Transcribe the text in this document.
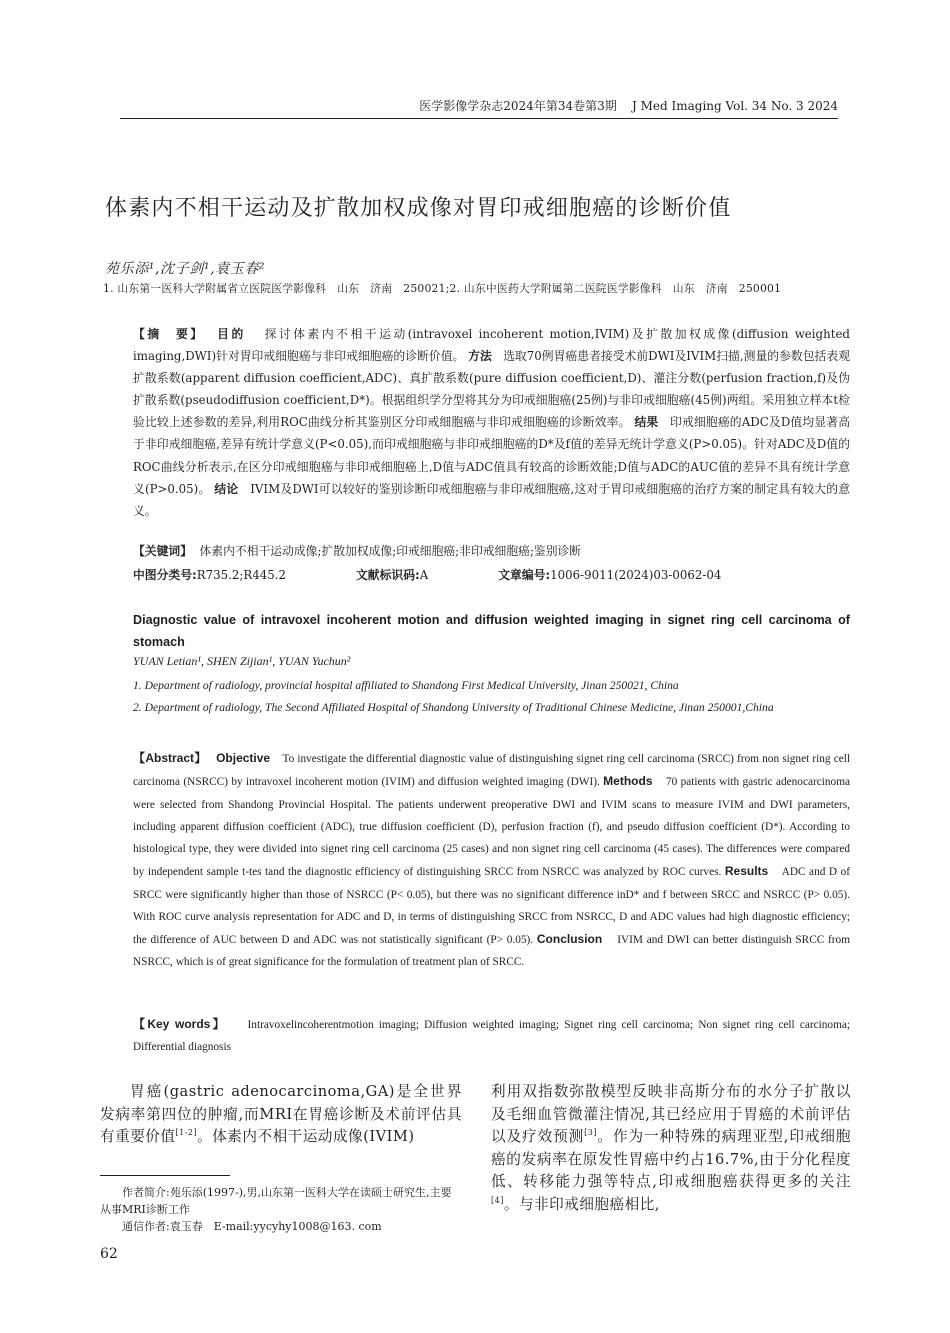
医学影像学杂志2024年第34卷第3期 J Med Imaging Vol. 34 No. 3 2024
体素内不相干运动及扩散加权成像对胃印戒细胞癌的诊断价值
苑乐添¹,沈子剑¹,袁玉春²
1. 山东第一医科大学附属省立医院医学影像科　山东　济南　250021;2. 山东中医药大学附属第二医院医学影像科　山东　济南　250001
【摘　要】 目的 探讨体素内不相干运动(intravoxel incoherent motion,IVIM)及扩散加权成像(diffusion weighted imaging,DWI)针对胃印戒细胞癌与非印戒细胞癌的诊断价值。 方法 选取70例胃癌患者接受术前DWI及IVIM扫描,测量的参数包括表观扩散系数(apparent diffusion coefficient,ADC)、真扩散系数(pure diffusion coefficient,D)、灌注分数(perfusion fraction,f)及伪扩散系数(pseudodiffusion coefficient,D*)。根据组织学分型将其分为印戒细胞癌(25例)与非印戒细胞癌(45例)两组。采用独立样本t检验比较上述参数的差异,利用ROC曲线分析其鉴别区分印戒细胞癌与非印戒细胞癌的诊断效率。 结果 印戒细胞癌的ADC及D值均显著高于非印戒细胞癌,差异有统计学意义(P<0.05),而印戒细胞癌与非印戒细胞癌的D*及f值的差异无统计学意义(P>0.05)。针对ADC及D值的ROC曲线分析表示,在区分印戒细胞癌与非印戒细胞癌上,D值与ADC值具有较高的诊断效能;D值与ADC的AUC值的差异不具有统计学意义(P>0.05)。 结论 IVIM及DWI可以较好的鉴别诊断印戒细胞癌与非印戒细胞癌,这对于胃印戒细胞癌的治疗方案的制定具有较大的意义。
【关键词】 体素内不相干运动成像;扩散加权成像;印戒细胞癌;非印戒细胞癌;鉴别诊断
中图分类号:R735.2;R445.2	文献标识码:A	文章编号:1006-9011(2024)03-0062-04
Diagnostic value of intravoxel incoherent motion and diffusion weighted imaging in signet ring cell carcinoma of stomach
YUAN Letian¹, SHEN Zijian¹, YUAN Yuchun²
1. Department of radiology, provincial hospital affiliated to Shandong First Medical University, Jinan 250021, China
2. Department of radiology, The Second Affiliated Hospital of Shandong University of Traditional Chinese Medicine, Jinan 250001,China
【Abstract】 Objective To investigate the differential diagnostic value of distinguishing signet ring cell carcinoma (SRCC) from non signet ring cell carcinoma (NSRCC) by intravoxel incoherent motion (IVIM) and diffusion weighted imaging (DWI). Methods 70 patients with gastric adenocarcinoma were selected from Shandong Provincial Hospital. The patients underwent preoperative DWI and IVIM scans to measure IVIM and DWI parameters, including apparent diffusion coefficient (ADC), true diffusion coefficient (D), perfusion fraction (f), and pseudo diffusion coefficient (D*). According to histological type, they were divided into signet ring cell carcinoma (25 cases) and non signet ring cell carcinoma (45 cases). The differences were compared by independent sample t-tes tand the diagnostic efficiency of distinguishing SRCC from NSRCC was analyzed by ROC curves. Results ADC and D of SRCC were significantly higher than those of NSRCC (P< 0.05), but there was no significant difference inD* and f between SRCC and NSRCC (P> 0.05). With ROC curve analysis representation for ADC and D, in terms of distinguishing SRCC from NSRCC, D and ADC values had high diagnostic efficiency; the difference of AUC between D and ADC was not statistically significant (P> 0.05). Conclusion IVIM and DWI can better distinguish SRCC from NSRCC, which is of great significance for the formulation of treatment plan of SRCC.
【Key words】 Intravoxelincoherentmotion imaging; Diffusion weighted imaging; Signet ring cell carcinoma; Non signet ring cell carcinoma; Differential diagnosis
胃癌(gastric adenocarcinoma,GA)是全世界发病率第四位的肿瘤,而MRI在胃癌诊断及术前评估具有重要价值[1-2]。体素内不相干运动成像(IVIM)
作者简介:苑乐添(1997-),男,山东第一医科大学在读硕士研究生,主要从事MRI诊断工作
通信作者:袁玉春　E-mail:yycyhy1008@163. com
62
利用双指数弥散模型反映非高斯分布的水分子扩散以及毛细血管微灌注情况,其已经应用于胃癌的术前评估以及疗效预测[3]。作为一种特殊的病理亚型,印戒细胞癌的发病率在原发性胃癌中约占16.7%,由于分化程度低、转移能力强等特点,印戒细胞癌获得更多的关注[4]。与非印戒细胞癌相比,
